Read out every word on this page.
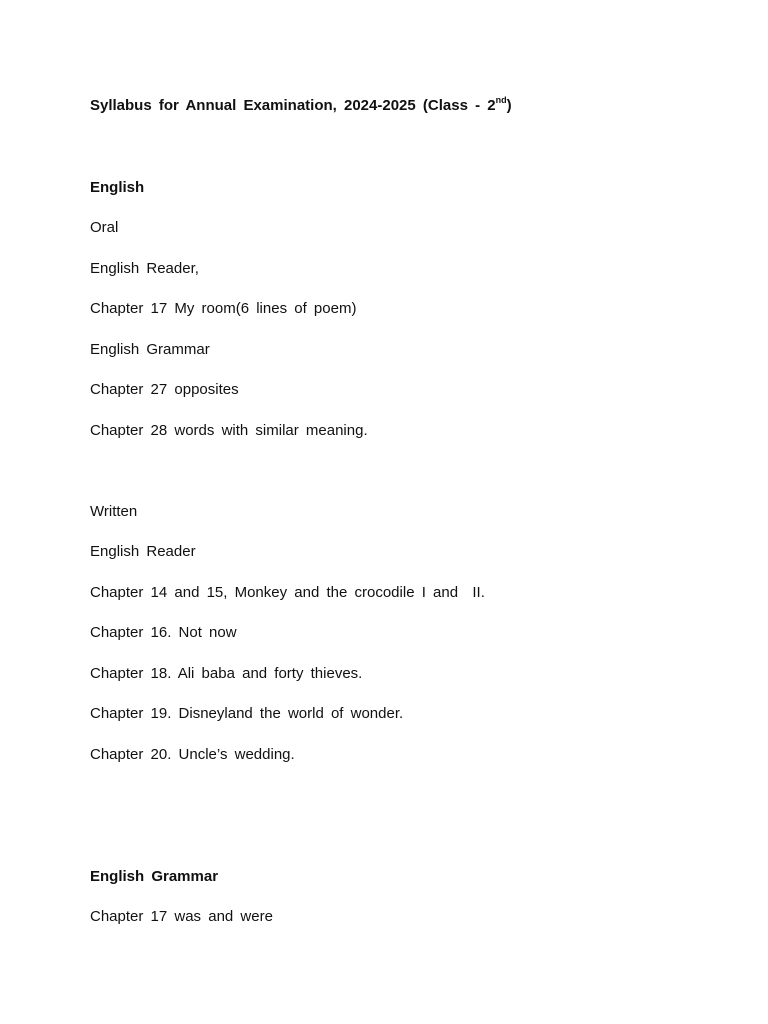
Syllabus for Annual Examination, 2024-2025 (Class - 2nd)
English
Oral
English Reader,
Chapter 17 My room(6 lines of poem)
English Grammar
Chapter 27 opposites
Chapter 28 words with similar meaning.
Written
English Reader
Chapter 14 and 15, Monkey and the crocodile I and  II.
Chapter 16. Not now
Chapter 18. Ali baba and forty thieves.
Chapter 19. Disneyland the world of wonder.
Chapter 20. Uncle’s wedding.
English Grammar
Chapter 17 was and were
